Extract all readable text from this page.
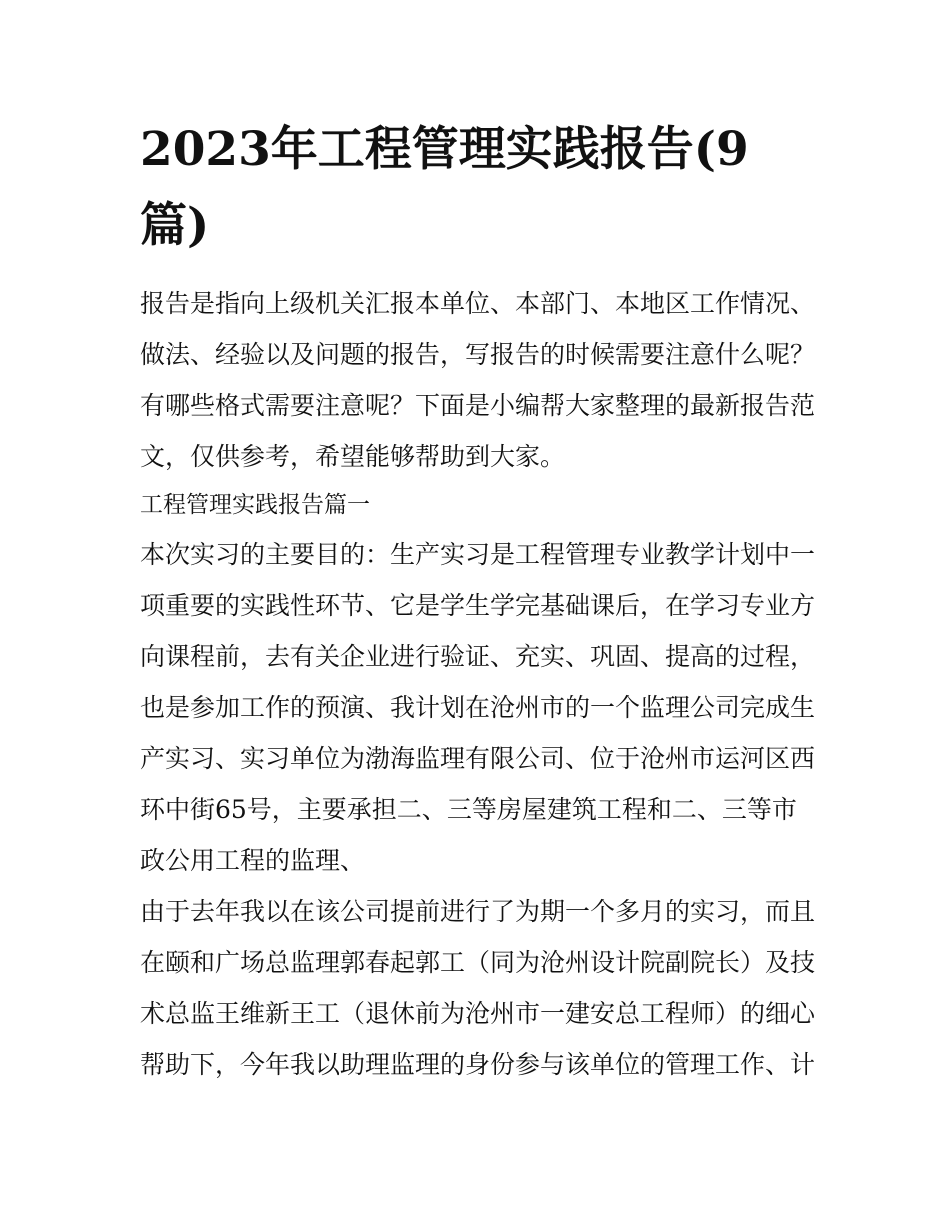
2023年工程管理实践报告(9
篇)
报告是指向上级机关汇报本单位、本部门、本地区工作情况、
做法、经验以及问题的报告，写报告的时候需要注意什么呢？
有哪些格式需要注意呢？下面是小编帮大家整理的最新报告范
文，仅供参考，希望能够帮助到大家。
工程管理实践报告篇一
本次实习的主要目的：生产实习是工程管理专业教学计划中一
项重要的实践性环节、它是学生学完基础课后，在学习专业方
向课程前，去有关企业进行验证、充实、巩固、提高的过程，
也是参加工作的预演、我计划在沧州市的一个监理公司完成生
产实习、实习单位为渤海监理有限公司、位于沧州市运河区西
环中街65号，主要承担二、三等房屋建筑工程和二、三等市
政公用工程的监理、
由于去年我以在该公司提前进行了为期一个多月的实习，而且
在颐和广场总监理郭春起郭工（同为沧州设计院副院长）及技
术总监王维新王工（退休前为沧州市一建安总工程师）的细心
帮助下，今年我以助理监理的身份参与该单位的管理工作、计
